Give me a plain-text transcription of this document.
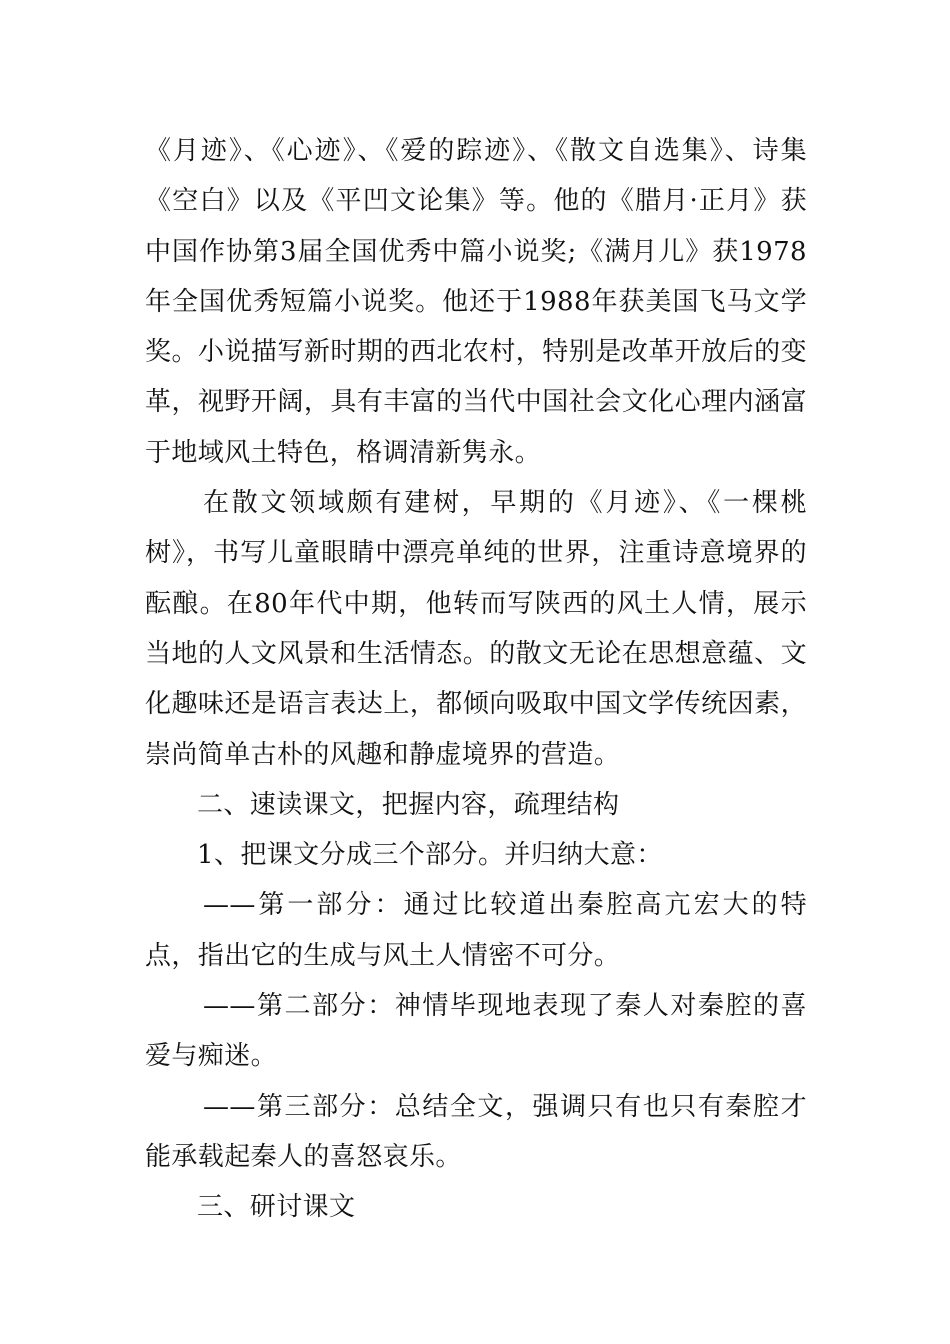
《月迹》、《心迹》、《爱的踪迹》、《散文自选集》、诗集《空白》以及《平凹文论集》等。他的《腊月·正月》获中国作协第3届全国优秀中篇小说奖;《满月儿》获1978年全国优秀短篇小说奖。他还于1988年获美国飞马文学奖。小说描写新时期的西北农村，特别是改革开放后的变革，视野开阔，具有丰富的当代中国社会文化心理内涵富于地域风土特色，格调清新隽永。

在散文领域颇有建树，早期的《月迹》、《一棵桃树》，书写儿童眼睛中漂亮单纯的世界，注重诗意境界的酝酿。在80年代中期，他转而写陕西的风土人情，展示当地的人文风景和生活情态。的散文无论在思想意蕴、文化趣味还是语言表达上，都倾向吸取中国文学传统因素，崇尚简单古朴的风趣和静虚境界的营造。

二、速读课文，把握内容，疏理结构

1、把课文分成三个部分。并归纳大意：

——第一部分：通过比较道出秦腔高亢宏大的特点，指出它的生成与风土人情密不可分。

——第二部分：神情毕现地表现了秦人对秦腔的喜爱与痴迷。

——第三部分：总结全文，强调只有也只有秦腔才能承载起秦人的喜怒哀乐。

三、研讨课文
